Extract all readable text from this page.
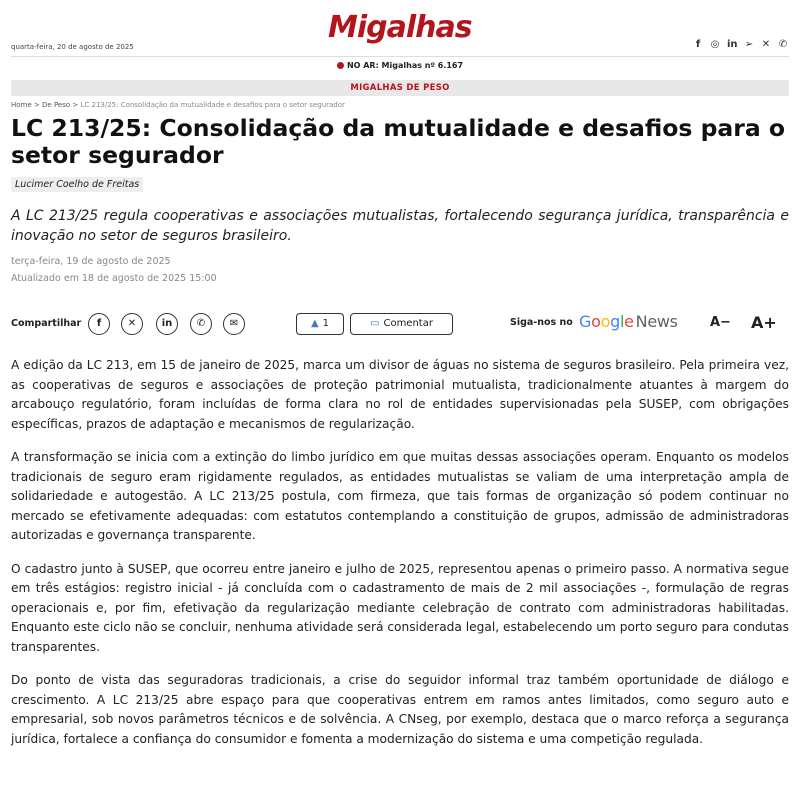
quarta-feira, 20 de agosto de 2025
Migalhas	f ◎ in ➢ ✕ ✆
NO AR: Migalhas nº 6.167
MIGALHAS DE PESO
Home > De Peso > LC 213/25: Consolidação da mutualidade e desafios para o setor segurador
LC 213/25: Consolidação da mutualidade e desafios para o setor segurador
Lucimer Coelho de Freitas
A LC 213/25 regula cooperativas e associações mutualistas, fortalecendo segurança jurídica, transparência e inovação no setor de seguros brasileiro.
terça-feira, 19 de agosto de 2025
Atualizado em 18 de agosto de 2025 15:00
Compartilhar	f	✕	in	✆	✉	▲ 1	▭ Comentar	Siga-nos no Google News A− A+

A edição da LC 213, em 15 de janeiro de 2025, marca um divisor de águas no sistema de seguros brasileiro. Pela primeira vez, as cooperativas de seguros e associações de proteção patrimonial mutualista, tradicionalmente atuantes à margem do arcabouço regulatório, foram incluídas de forma clara no rol de entidades supervisionadas pela SUSEP, com obrigações específicas, prazos de adaptação e mecanismos de regularização.

A transformação se inicia com a extinção do limbo jurídico em que muitas dessas associações operam. Enquanto os modelos tradicionais de seguro eram rigidamente regulados, as entidades mutualistas se valiam de uma interpretação ampla de solidariedade e autogestão. A LC 213/25 postula, com firmeza, que tais formas de organização só podem continuar no mercado se efetivamente adequadas: com estatutos contemplando a constituição de grupos, admissão de administradoras autorizadas e governança transparente.

O cadastro junto à SUSEP, que ocorreu entre janeiro e julho de 2025, representou apenas o primeiro passo. A normativa segue em três estágios: registro inicial - já concluída com o cadastramento de mais de 2 mil associações -, formulação de regras operacionais e, por fim, efetivação da regularização mediante celebração de contrato com administradoras habilitadas. Enquanto este ciclo não se concluir, nenhuma atividade será considerada legal, estabelecendo um porto seguro para condutas transparentes.

Do ponto de vista das seguradoras tradicionais, a crise do seguidor informal traz também oportunidade de diálogo e crescimento. A LC 213/25 abre espaço para que cooperativas entrem em ramos antes limitados, como seguro auto e empresarial, sob novos parâmetros técnicos e de solvência. A CNseg, por exemplo, destaca que o marco reforça a segurança jurídica, fortalece a confiança do consumidor e fomenta a modernização do sistema e uma competição regulada.
